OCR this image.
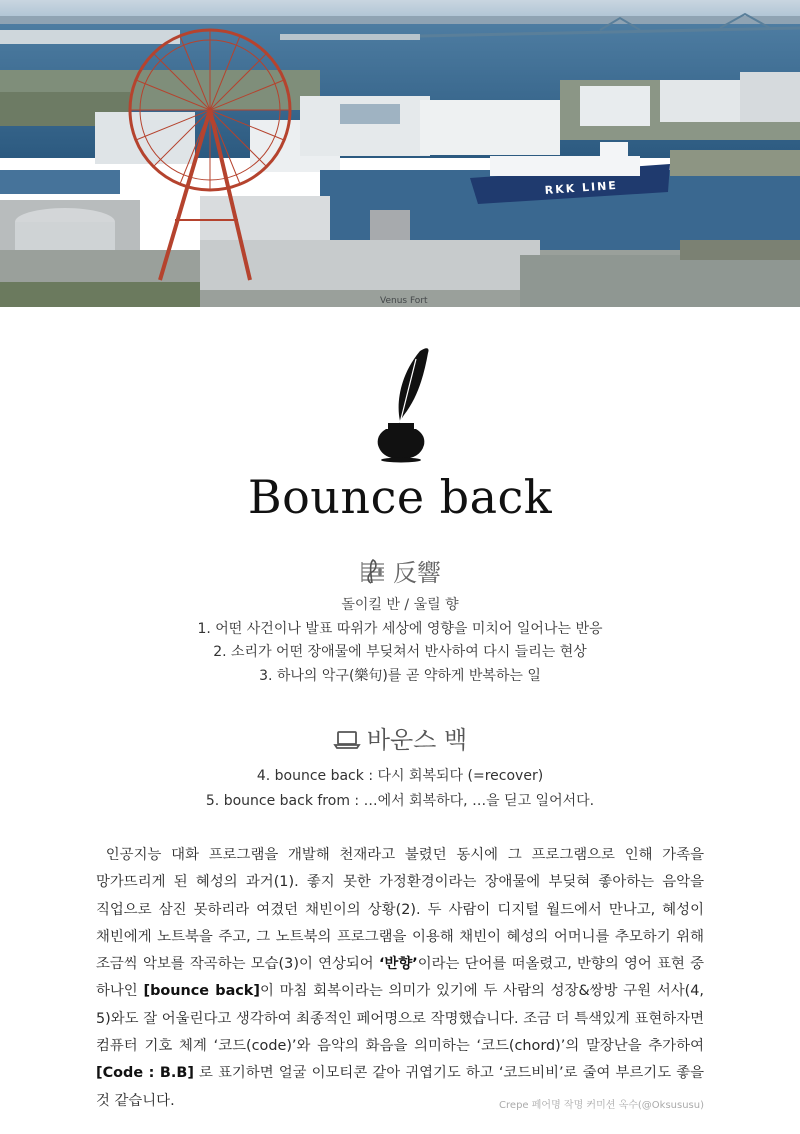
RKK LINE
Venus Fort
Bounce back
反響
돌이킬 반 / 울릴 향
1. 어떤 사건이나 발표 따위가 세상에 영향을 미치어 일어나는 반응
2. 소리가 어떤 장애물에 부딪쳐서 반사하여 다시 들리는 현상
3. 하나의 악구(樂句)를 곧 약하게 반복하는 일
바운스 백
4. bounce back : 다시 회복되다 (=recover)
5. bounce back from : …에서 회복하다, …을 딛고 일어서다.
인공지능 대화 프로그램을 개발해 천재라고 불렸던 동시에 그 프로그램으로 인해 가족을 망가뜨리게 된 혜성의 과거(1). 좋지 못한 가정환경이라는 장애물에 부딪혀 좋아하는 음악을 직업으로 삼진 못하리라 여겼던 채빈이의 상황(2). 두 사람이 디지털 월드에서 만나고, 혜성이 채빈에게 노트북을 주고, 그 노트북의 프로그램을 이용해 채빈이 혜성의 어머니를 추모하기 위해 조금씩 악보를 작곡하는 모습(3)이 연상되어 ‘반향’이라는 단어를 떠올렸고, 반향의 영어 표현 중 하나인 [bounce back]이 마침 회복이라는 의미가 있기에 두 사람의 성장&쌍방 구원 서사(4, 5)와도 잘 어울린다고 생각하여 최종적인 페어명으로 작명했습니다. 조금 더 특색있게 표현하자면 컴퓨터 기호 체계 ‘코드(code)’와 음악의 화음을 의미하는 ‘코드(chord)’의 말장난을 추가하여 [Code : B.B] 로 표기하면 얼굴 이모티콘 같아 귀엽기도 하고 ‘코드비비’로 줄여 부르기도 좋을 것 같습니다.	Crepe 페어명 작명 커미션 옥수(@Oksususu)
